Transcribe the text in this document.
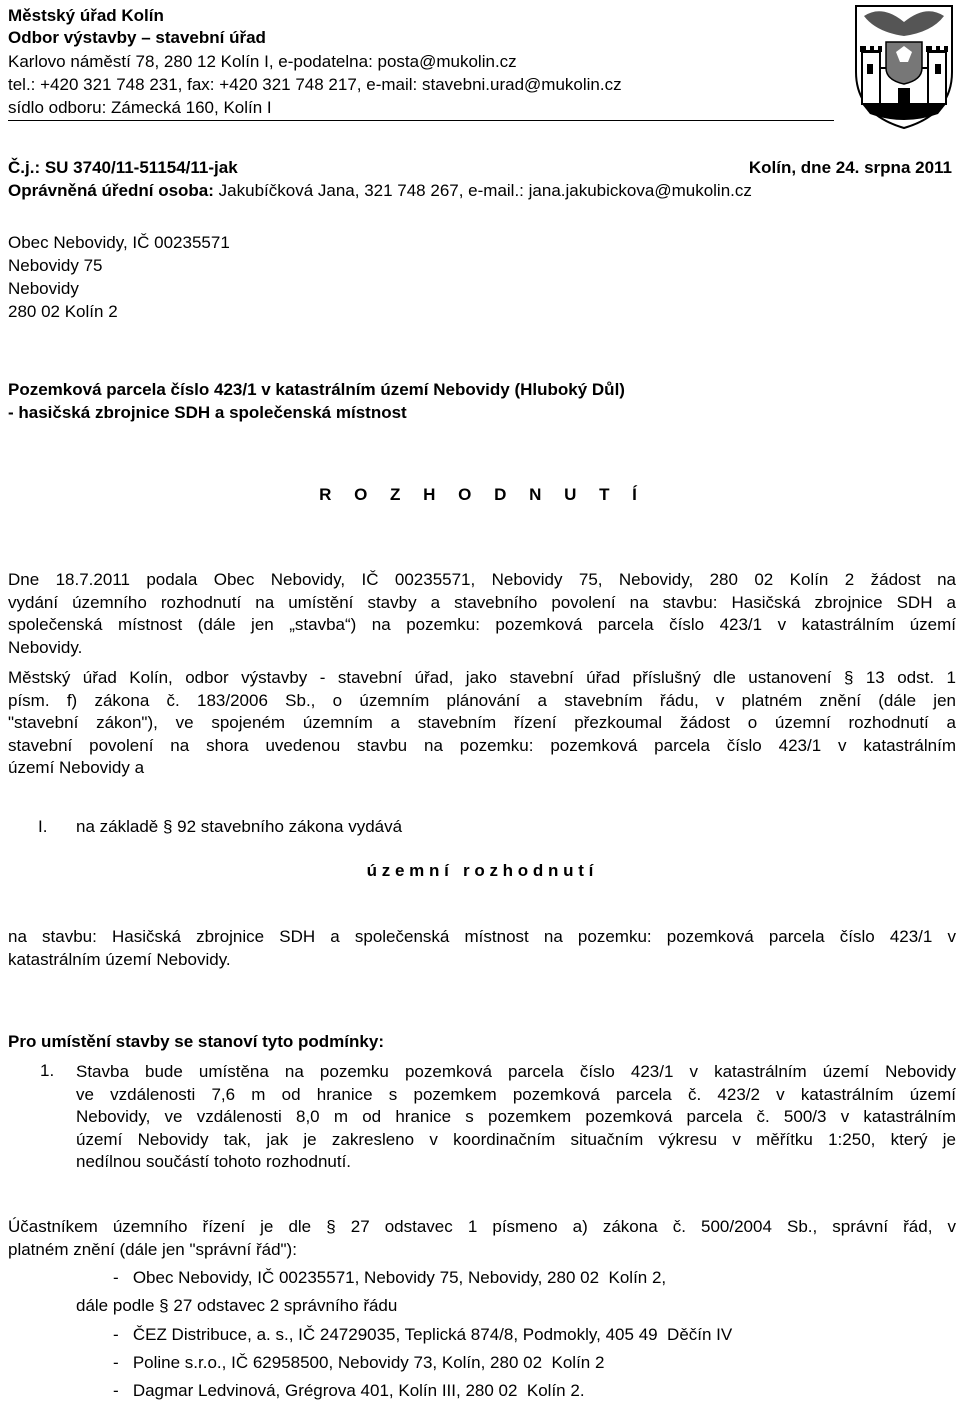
Městský úřad Kolín
Odbor výstavby – stavební úřad
Karlovo náměstí 78, 280 12 Kolín I, e-podatelna: posta@mukolin.cz
tel.: +420 321 748 231, fax: +420 321 748 217, e-mail: stavebni.urad@mukolin.cz
sídlo odboru: Zámecká 160, Kolín I
Č.j.: SU 3740/11-51154/11-jak	Kolín, dne 24. srpna 2011
Oprávněná úřední osoba: Jakubíčková Jana, 321 748 267, e-mail.: jana.jakubickova@mukolin.cz
Obec Nebovidy, IČ 00235571
Nebovidy 75
Nebovidy
280 02 Kolín 2
Pozemková parcela číslo 423/1 v katastrálním území Nebovidy (Hluboký Důl)
- hasičská zbrojnice SDH a společenská místnost
R O Z H O D N U T Í
Dne 18.7.2011 podala Obec Nebovidy, IČ 00235571, Nebovidy 75, Nebovidy, 280 02 Kolín 2 žádost na
vydání územního rozhodnutí na umístění stavby a stavebního povolení na stavbu: Hasičská zbrojnice SDH a
společenská místnost (dále jen „stavba“) na pozemku: pozemková parcela číslo 423/1 v katastrálním území
Nebovidy.
Městský úřad Kolín, odbor výstavby - stavební úřad, jako stavební úřad příslušný dle ustanovení § 13 odst. 1
písm. f) zákona č. 183/2006 Sb., o územním plánování a stavebním řádu, v platném znění (dále jen
"stavební zákon"), ve spojeném územním a stavebním řízení přezkoumal žádost o územní rozhodnutí a
stavební povolení na shora uvedenou stavbu na pozemku: pozemková parcela číslo 423/1 v katastrálním
území Nebovidy a
I. na základě § 92 stavebního zákona vydává
ú z e m n í   r o z h o d n u t í
na stavbu: Hasičská zbrojnice SDH a společenská místnost na pozemku: pozemková parcela číslo 423/1 v
katastrálním území Nebovidy.
Pro umístění stavby se stanoví tyto podmínky:
1. Stavba bude umístěna na pozemku pozemková parcela číslo 423/1 v katastrálním území Nebovidy
ve vzdálenosti 7,6 m od hranice s pozemkem pozemková parcela č. 423/2 v katastrálním území
Nebovidy, ve vzdálenosti 8,0 m od hranice s pozemkem pozemková parcela č. 500/3 v katastrálním
území Nebovidy tak, jak je zakresleno v koordinačním situačním výkresu v měřítku 1:250, který je
nedílnou součástí tohoto rozhodnutí.
Účastníkem územního řízení je dle § 27 odstavec 1 písmeno a) zákona č. 500/2004 Sb., správní řád, v
platném znění (dále jen "správní řád"):
-   Obec Nebovidy, IČ 00235571, Nebovidy 75, Nebovidy, 280 02  Kolín 2,
dále podle § 27 odstavec 2 správního řádu
-   ČEZ Distribuce, a. s., IČ 24729035, Teplická 874/8, Podmokly, 405 49  Děčín IV
-   Poline s.r.o., IČ 62958500, Nebovidy 73, Kolín, 280 02  Kolín 2
-   Dagmar Ledvinová, Grégrova 401, Kolín III, 280 02  Kolín 2.
